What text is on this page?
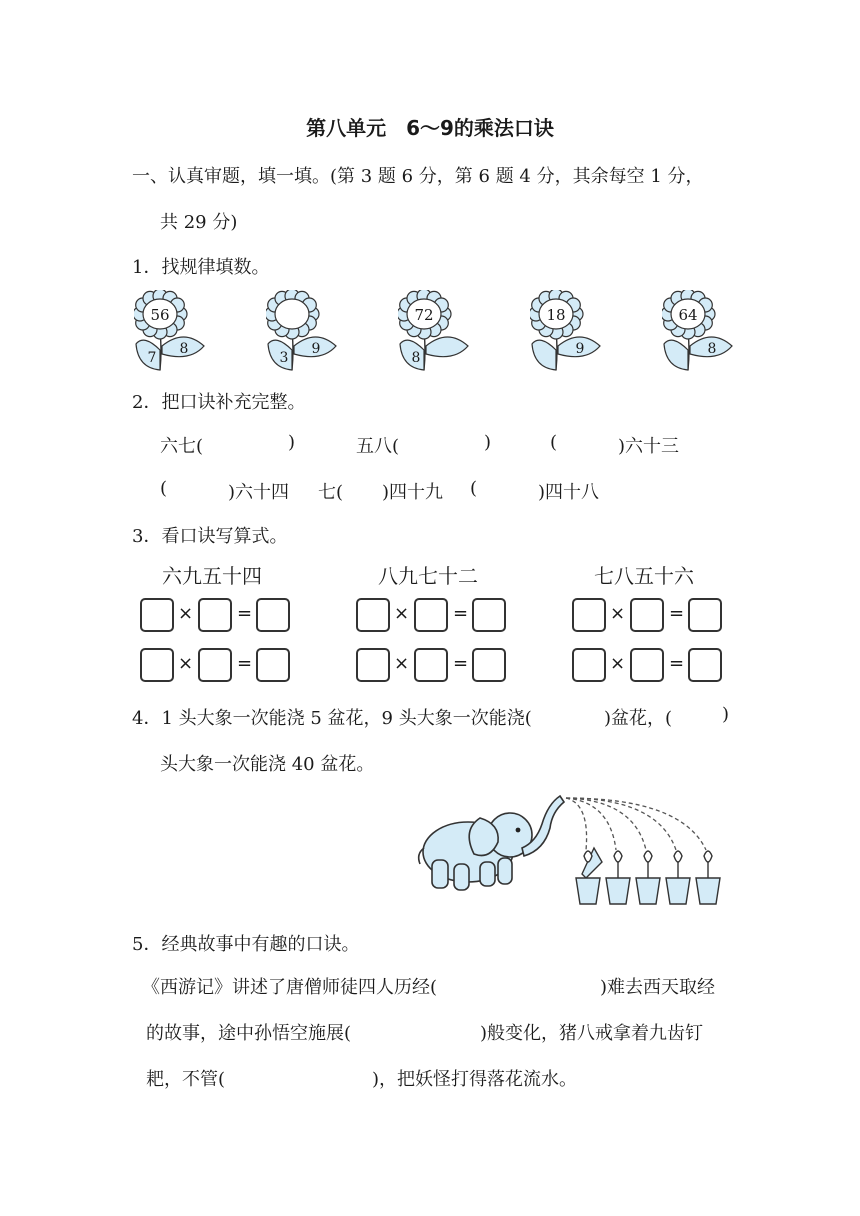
第八单元　6～9的乘法口诀
一、认真审题，填一填。(第 3 题 6 分，第 6 题 4 分，其余每空 1 分，
共 29 分)
1．找规律填数。
56
7
8
3
9
72
8
18
9
64
8
2．把口诀补充完整。
六七(	)	五八(	)	(	)六十三
(	)六十四 七( )四十九 (	)四十八
3．看口诀写算式。
六九五十四	八九七十二	七八五十六
× =
× =
× =
× =
× =
× =
4．1 头大象一次能浇 5 盆花，9 头大象一次能浇(	)盆花，(	)
头大象一次能浇 40 盆花。
5．经典故事中有趣的口诀。
《西游记》讲述了唐僧师徒四人历经(	)难去西天取经
的故事，途中孙悟空施展(	)般变化，猪八戒拿着九齿钉
耙，不管(	)，把妖怪打得落花流水。
